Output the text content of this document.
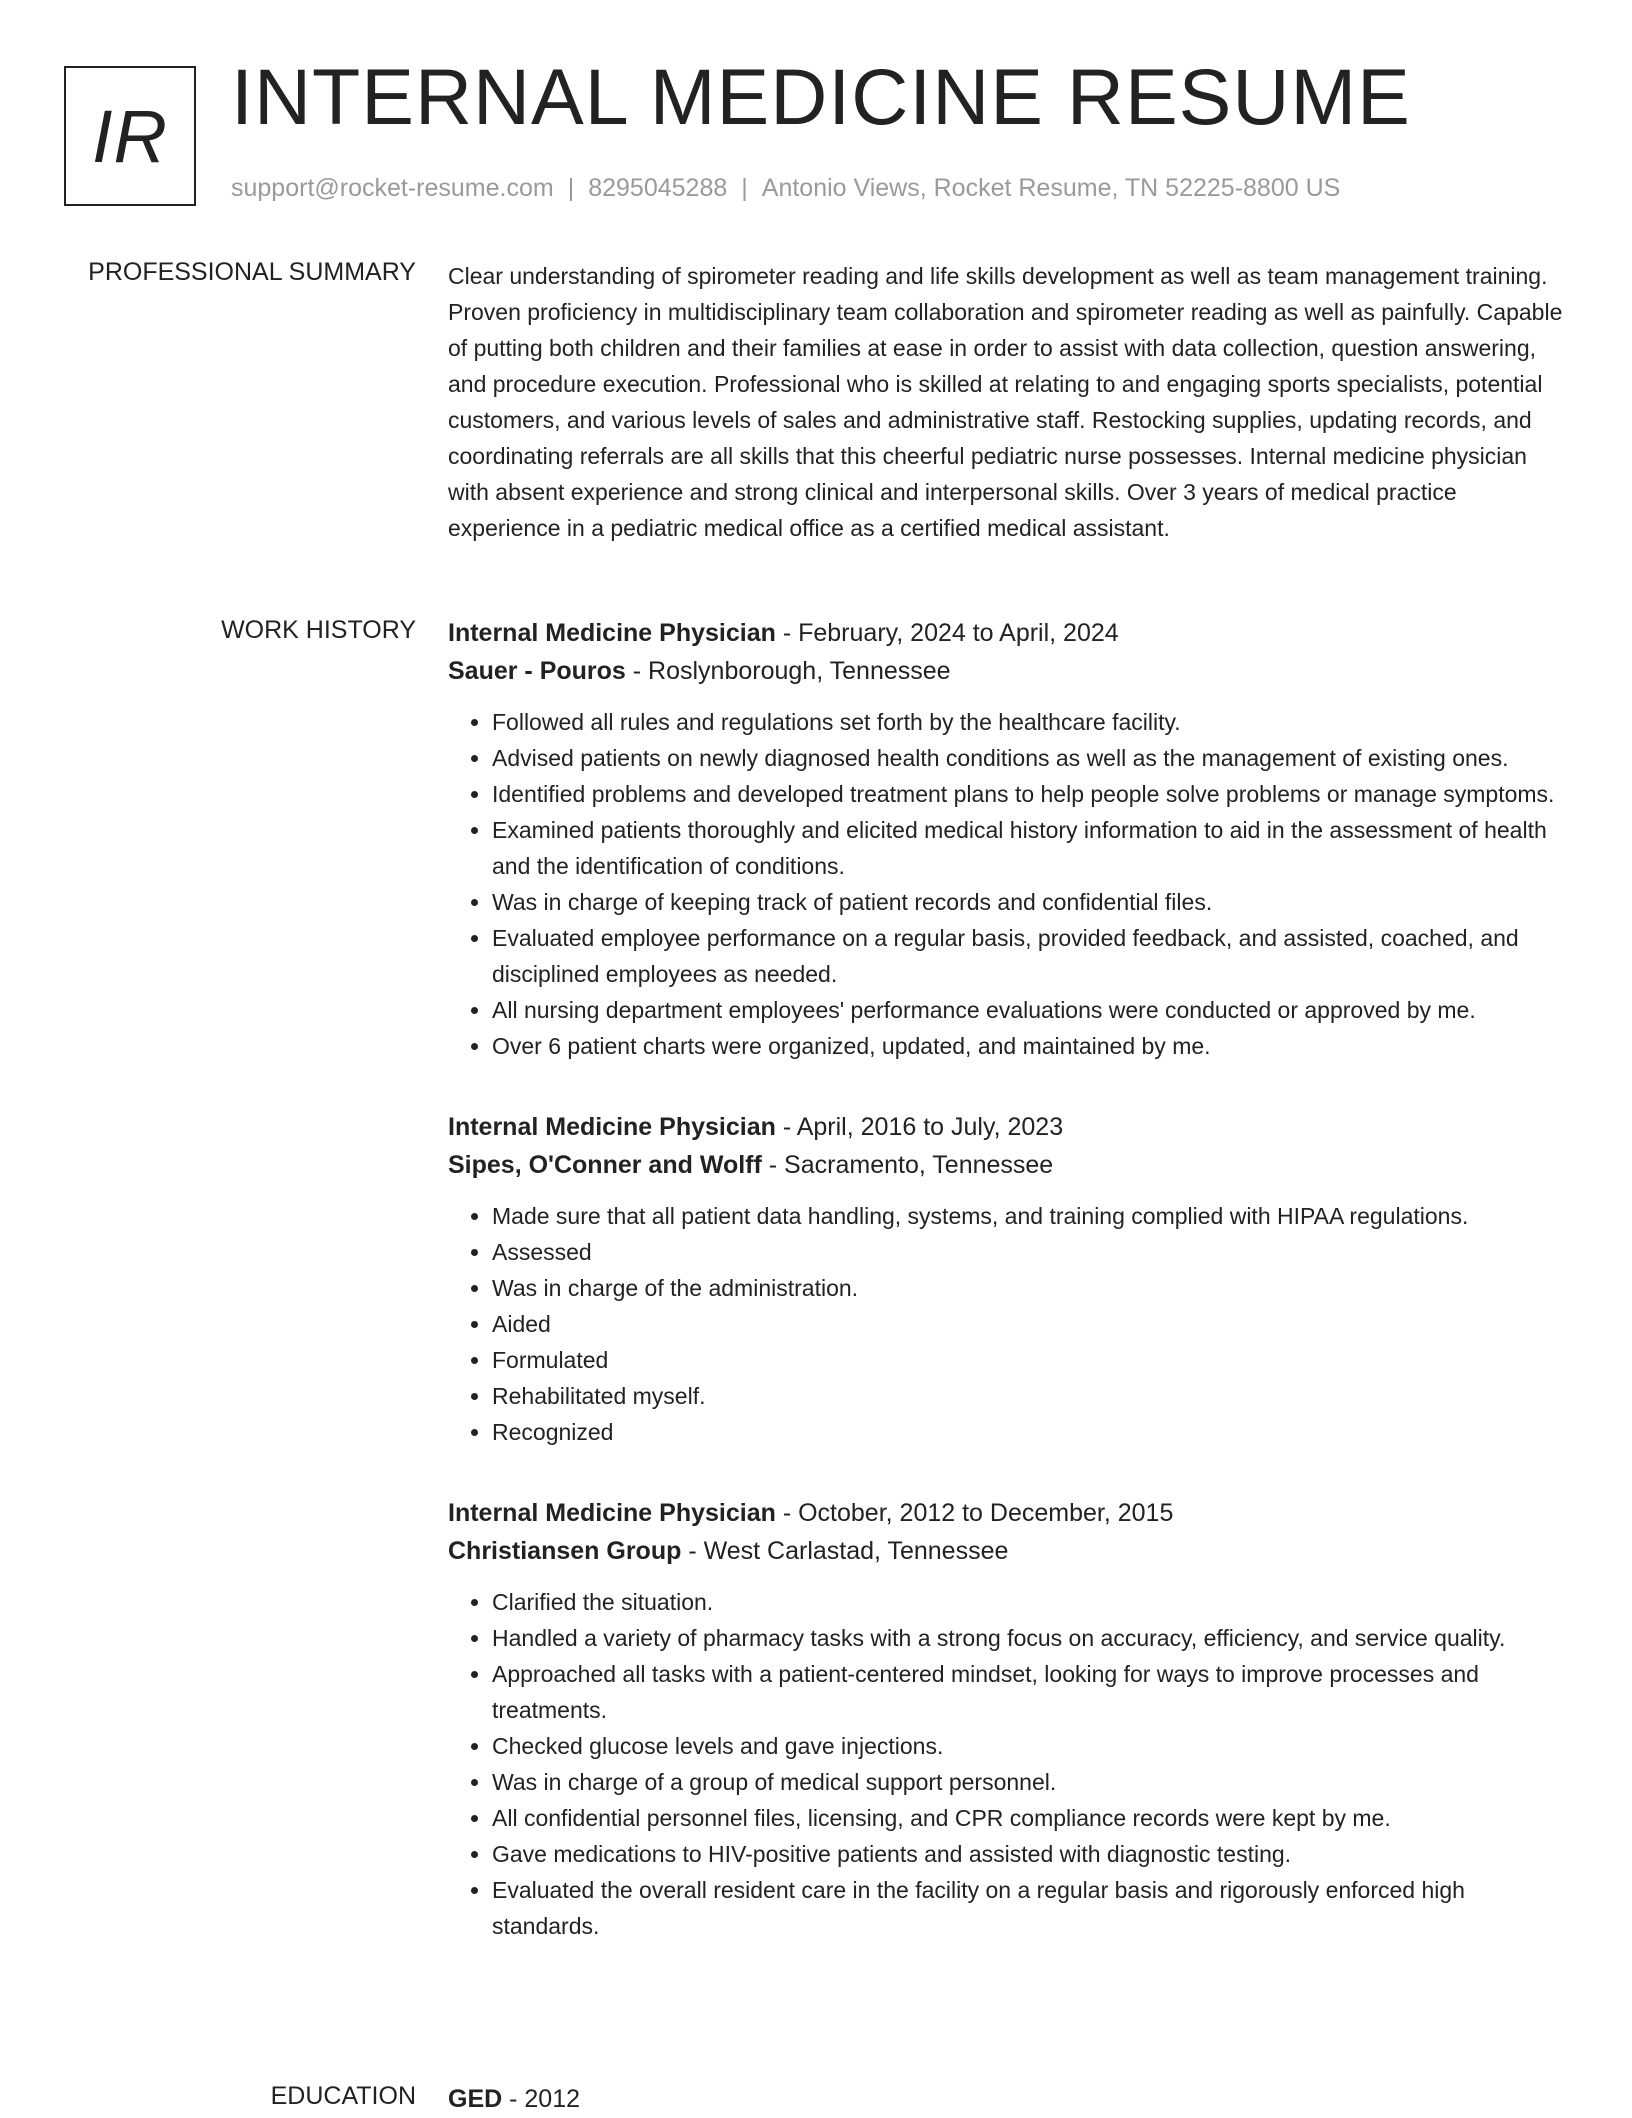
IR INTERNAL MEDICINE RESUME
support@rocket-resume.com | 8295045288 | Antonio Views, Rocket Resume, TN 52225-8800 US
PROFESSIONAL SUMMARY Clear understanding of spirometer reading and life skills development as well as team management training. Proven proficiency in multidisciplinary team collaboration and spirometer reading as well as painfully. Capable of putting both children and their families at ease in order to assist with data collection, question answering, and procedure execution. Professional who is skilled at relating to and engaging sports specialists, potential customers, and various levels of sales and administrative staff. Restocking supplies, updating records, and coordinating referrals are all skills that this cheerful pediatric nurse possesses. Internal medicine physician with absent experience and strong clinical and interpersonal skills. Over 3 years of medical practice experience in a pediatric medical office as a certified medical assistant.
WORK HISTORY Internal Medicine Physician - February, 2024 to April, 2024
Sauer - Pouros - Roslynborough, Tennessee
• Followed all rules and regulations set forth by the healthcare facility.
• Advised patients on newly diagnosed health conditions as well as the management of existing ones.
• Identified problems and developed treatment plans to help people solve problems or manage symptoms.
• Examined patients thoroughly and elicited medical history information to aid in the assessment of health and the identification of conditions.
• Was in charge of keeping track of patient records and confidential files.
• Evaluated employee performance on a regular basis, provided feedback, and assisted, coached, and disciplined employees as needed.
• All nursing department employees' performance evaluations were conducted or approved by me.
• Over 6 patient charts were organized, updated, and maintained by me.
Internal Medicine Physician - April, 2016 to July, 2023
Sipes, O'Conner and Wolff - Sacramento, Tennessee
• Made sure that all patient data handling, systems, and training complied with HIPAA regulations.
• Assessed
• Was in charge of the administration.
• Aided
• Formulated
• Rehabilitated myself.
• Recognized
Internal Medicine Physician - October, 2012 to December, 2015
Christiansen Group - West Carlastad, Tennessee
• Clarified the situation.
• Handled a variety of pharmacy tasks with a strong focus on accuracy, efficiency, and service quality.
• Approached all tasks with a patient-centered mindset, looking for ways to improve processes and treatments.
• Checked glucose levels and gave injections.
• Was in charge of a group of medical support personnel.
• All confidential personnel files, licensing, and CPR compliance records were kept by me.
• Gave medications to HIV-positive patients and assisted with diagnostic testing.
• Evaluated the overall resident care in the facility on a regular basis and rigorously enforced high standards.
EDUCATION GED - 2012
